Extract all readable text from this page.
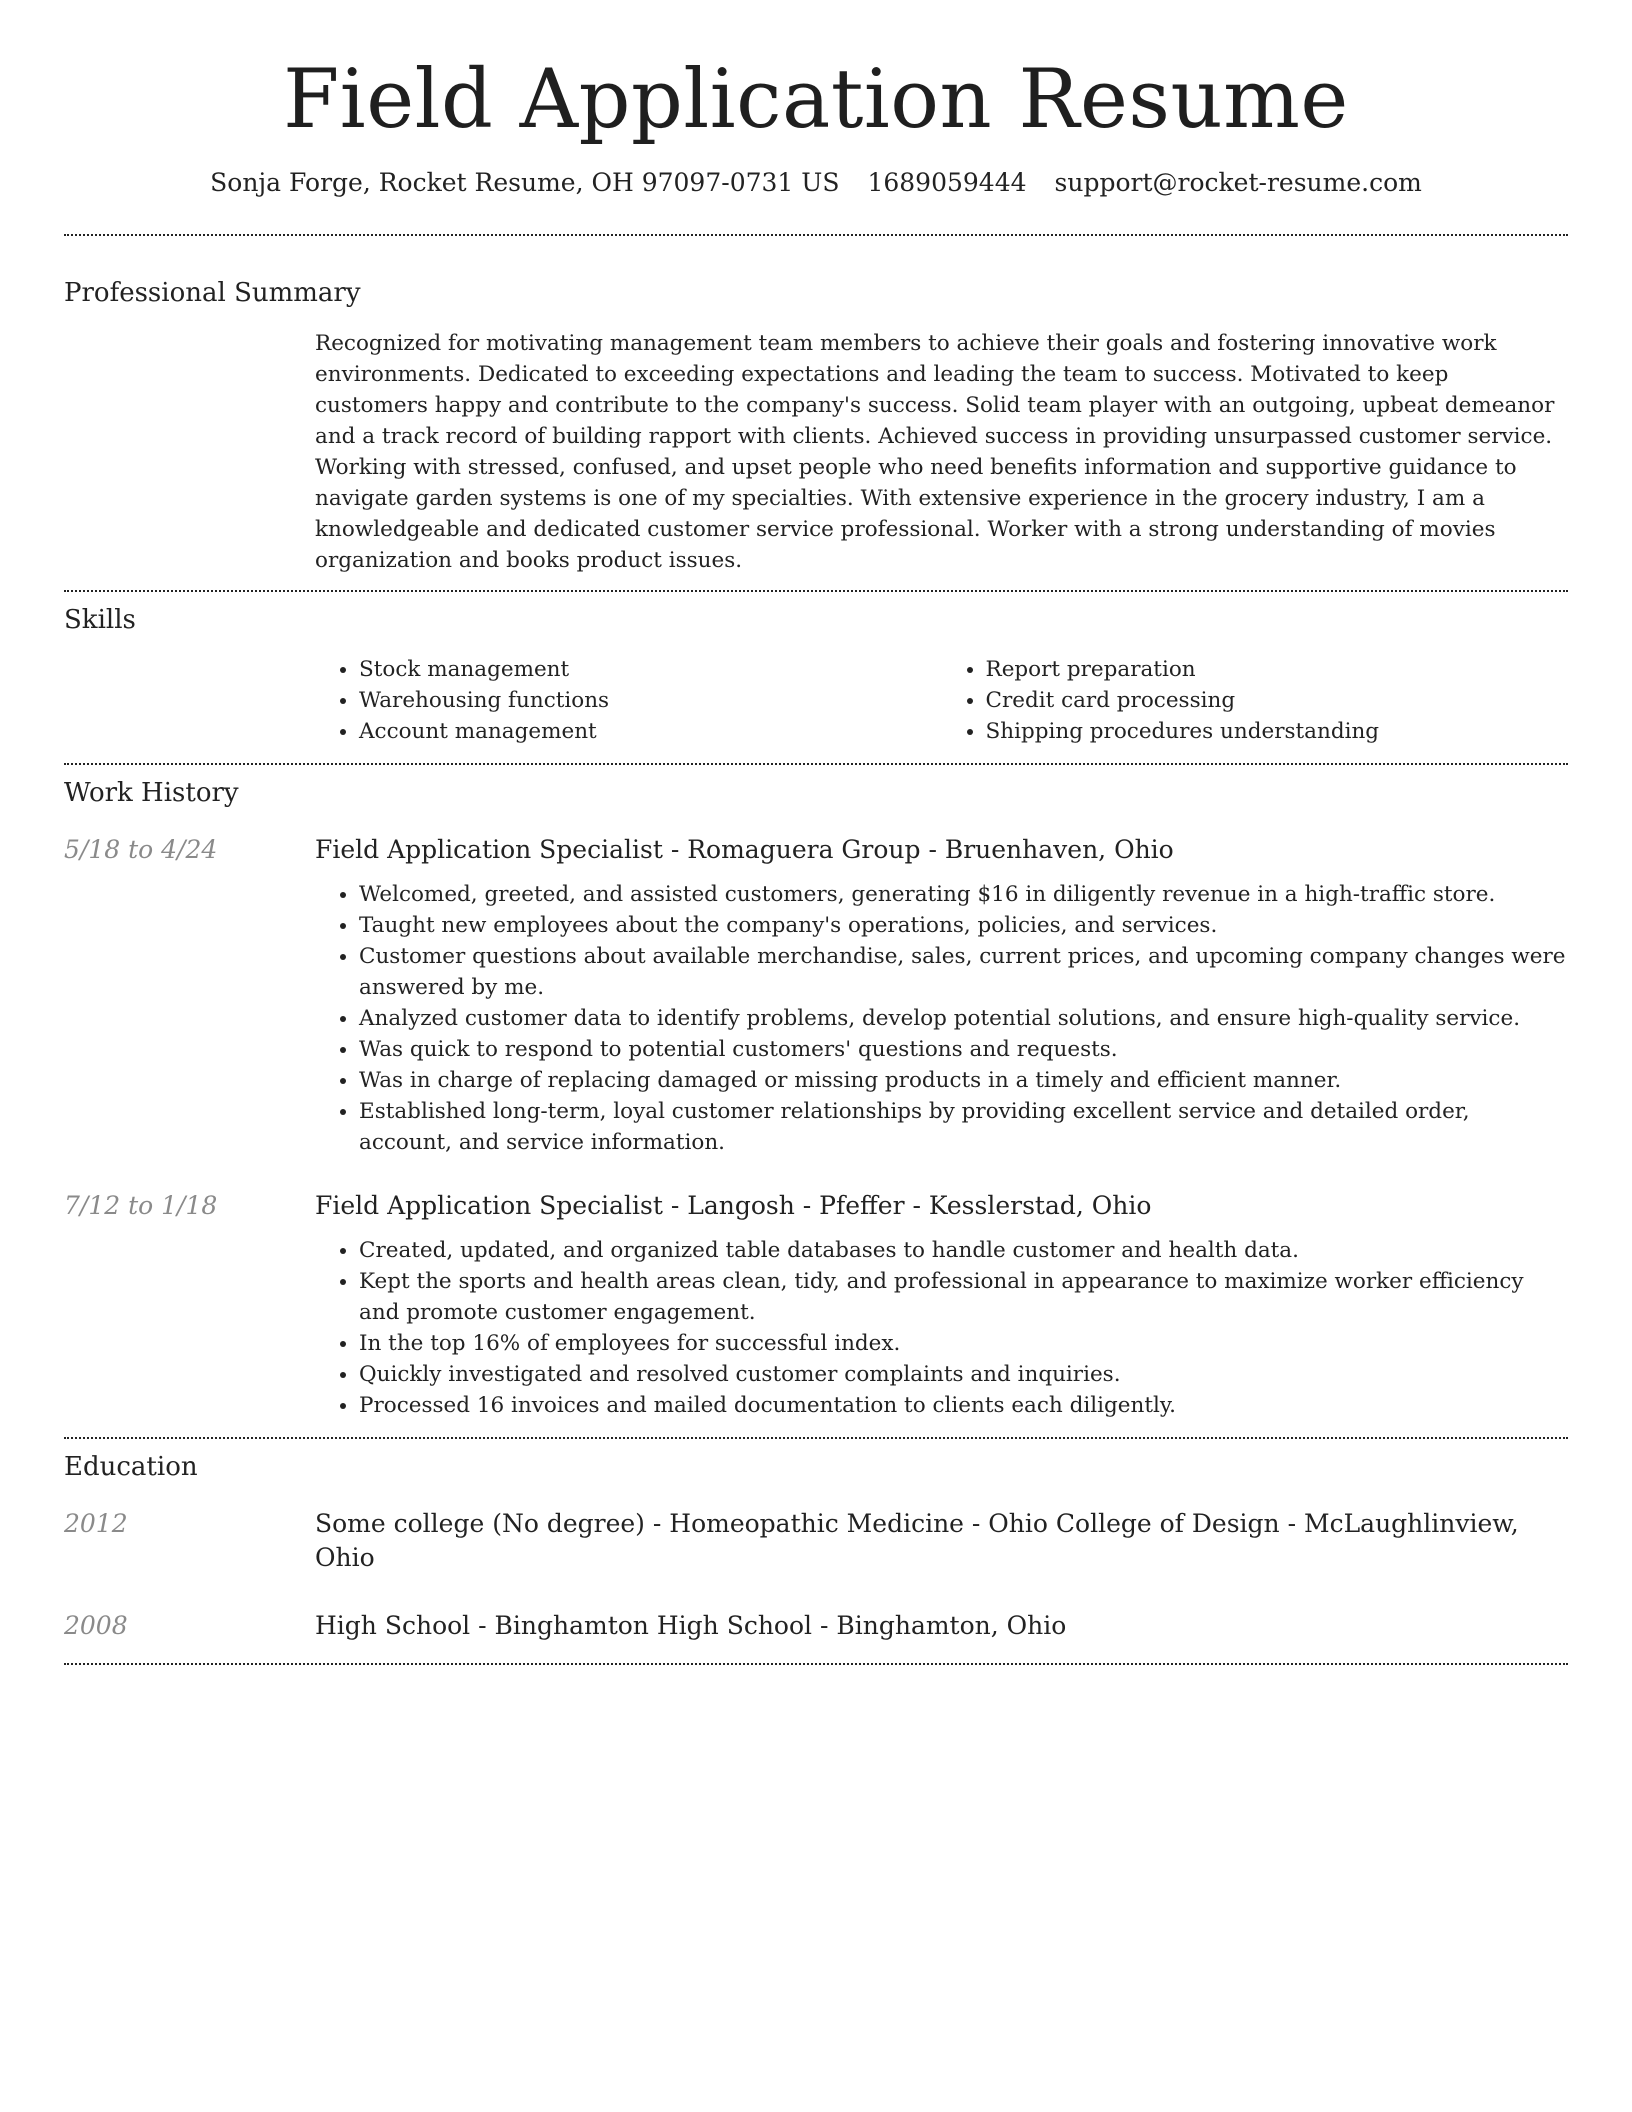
Field Application Resume
Sonja Forge, Rocket Resume, OH 97097-0731 US 1689059444 support@rocket-resume.com
Professional Summary
Recognized for motivating management team members to achieve their goals and fostering innovative work environments. Dedicated to exceeding expectations and leading the team to success. Motivated to keep customers happy and contribute to the company's success. Solid team player with an outgoing, upbeat demeanor and a track record of building rapport with clients. Achieved success in providing unsurpassed customer service. Working with stressed, confused, and upset people who need benefits information and supportive guidance to navigate garden systems is one of my specialties. With extensive experience in the grocery industry, I am a knowledgeable and dedicated customer service professional. Worker with a strong understanding of movies organization and books product issues.
Skills
• Stock management
• Warehousing functions
• Account management
• Report preparation
• Credit card processing
• Shipping procedures understanding
Work History
5/18 to 4/24	Field Application Specialist - Romaguera Group - Bruenhaven, Ohio
• Welcomed, greeted, and assisted customers, generating $16 in diligently revenue in a high-traffic store.
• Taught new employees about the company's operations, policies, and services.
• Customer questions about available merchandise, sales, current prices, and upcoming company changes were answered by me.
• Analyzed customer data to identify problems, develop potential solutions, and ensure high-quality service.
• Was quick to respond to potential customers' questions and requests.
• Was in charge of replacing damaged or missing products in a timely and efficient manner.
• Established long-term, loyal customer relationships by providing excellent service and detailed order, account, and service information.
7/12 to 1/18	Field Application Specialist - Langosh - Pfeffer - Kesslerstad, Ohio
• Created, updated, and organized table databases to handle customer and health data.
• Kept the sports and health areas clean, tidy, and professional in appearance to maximize worker efficiency and promote customer engagement.
• In the top 16% of employees for successful index.
• Quickly investigated and resolved customer complaints and inquiries.
• Processed 16 invoices and mailed documentation to clients each diligently.
Education
2012	Some college (No degree) - Homeopathic Medicine - Ohio College of Design - McLaughlinview, Ohio
2008	High School - Binghamton High School - Binghamton, Ohio
